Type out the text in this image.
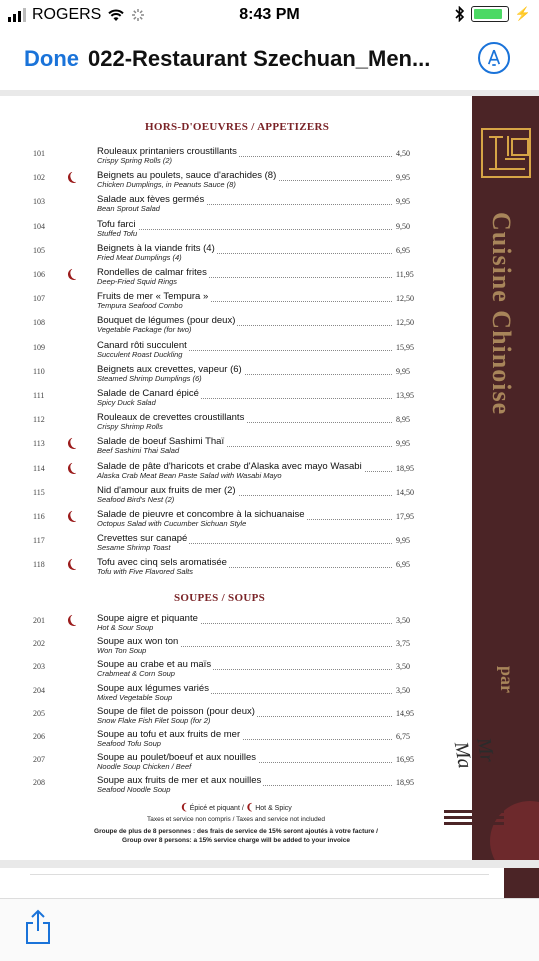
ROGERS	8:43 PM	⚡
Done 022-Restaurant Szechuan_Men...
HORS-D'OEUVRES / APPETIZERS
101	Rouleaux printaniers croustillants
Crispy Spring Rolls (2)
4,50
102 ❨ Beignets au poulets, sauce d'arachides (8)
Chicken Dumplings, in Peanuts Sauce (8)
9,95
103	Salade aux fèves germés
Bean Sprout Salad
9,95
104	Tofu farci
Stuffed Tofu
9,50
105	Beignets à la viande frits (4)
Fried Meat Dumplings (4)
6,95
106 ❨ Rondelles de calmar frites
Deep-Fried Squid Rings
11,95
107	Fruits de mer « Tempura »
Tempura Seafood Combo
12,50
108	Bouquet de légumes (pour deux)
Vegetable Package (for two)
12,50
109	Canard rôti succulent
Succulent Roast Duckling
15,95
110	Beignets aux crevettes, vapeur (6)
Steamed Shrimp Dumplings (6)
9,95
111	Salade de Canard épicé
Spicy Duck Salad
13,95
112	Rouleaux de crevettes croustillants
Crispy Shrimp Rolls
8,95
113 ❨ Salade de boeuf Sashimi Thaï
Beef Sashimi Thai Salad
9,95
114 ❨ Salade de pâte d'haricots et crabe d'Alaska avec mayo Wasabi
Alaska Crab Meat Bean Paste Salad with Wasabi Mayo
18,95
115	Nid d'amour aux fruits de mer (2)
Seafood Bird's Nest (2)
14,50
116 ❨ Salade de pieuvre et concombre à la sichuanaise
Octopus Salad with Cucumber Sichuan Style
17,95
117	Crevettes sur canapé
Sesame Shrimp Toast
9,95
118 ❨ Tofu avec cinq sels aromatisée
Tofu with Five Flavored Salts
6,95
SOUPES / SOUPS
201 ❨ Soupe aigre et piquante
Hot & Sour Soup
3,50
202	Soupe aux won ton
Won Ton Soup
3,75
203	Soupe au crabe et au maïs
Crabmeat & Corn Soup
3,50
204	Soupe aux légumes variés
Mixed Vegetable Soup
3,50
205	Soupe de filet de poisson (pour deux)
Snow Flake Fish Filet Soup (for 2)
14,95
206	Soupe au tofu et aux fruits de mer
Seafood Tofu Soup
6,75
207	Soupe au poulet/boeuf et aux nouilles
Noodle Soup Chicken / Beef
16,95
208	Soupe aux fruits de mer et aux nouilles
Seafood Noodle Soup
18,95
❨ Épicé et piquant / ❨ Hot & Spicy
Taxes et service non compris / Taxes and service not included
Groupe de plus de 8 personnes : des frais de service de 15% seront ajoutés à votre facture /
Group over 8 persons: a 15% service charge will be added to your invoice
Cuisine Chinoise
par
Mr Ma
